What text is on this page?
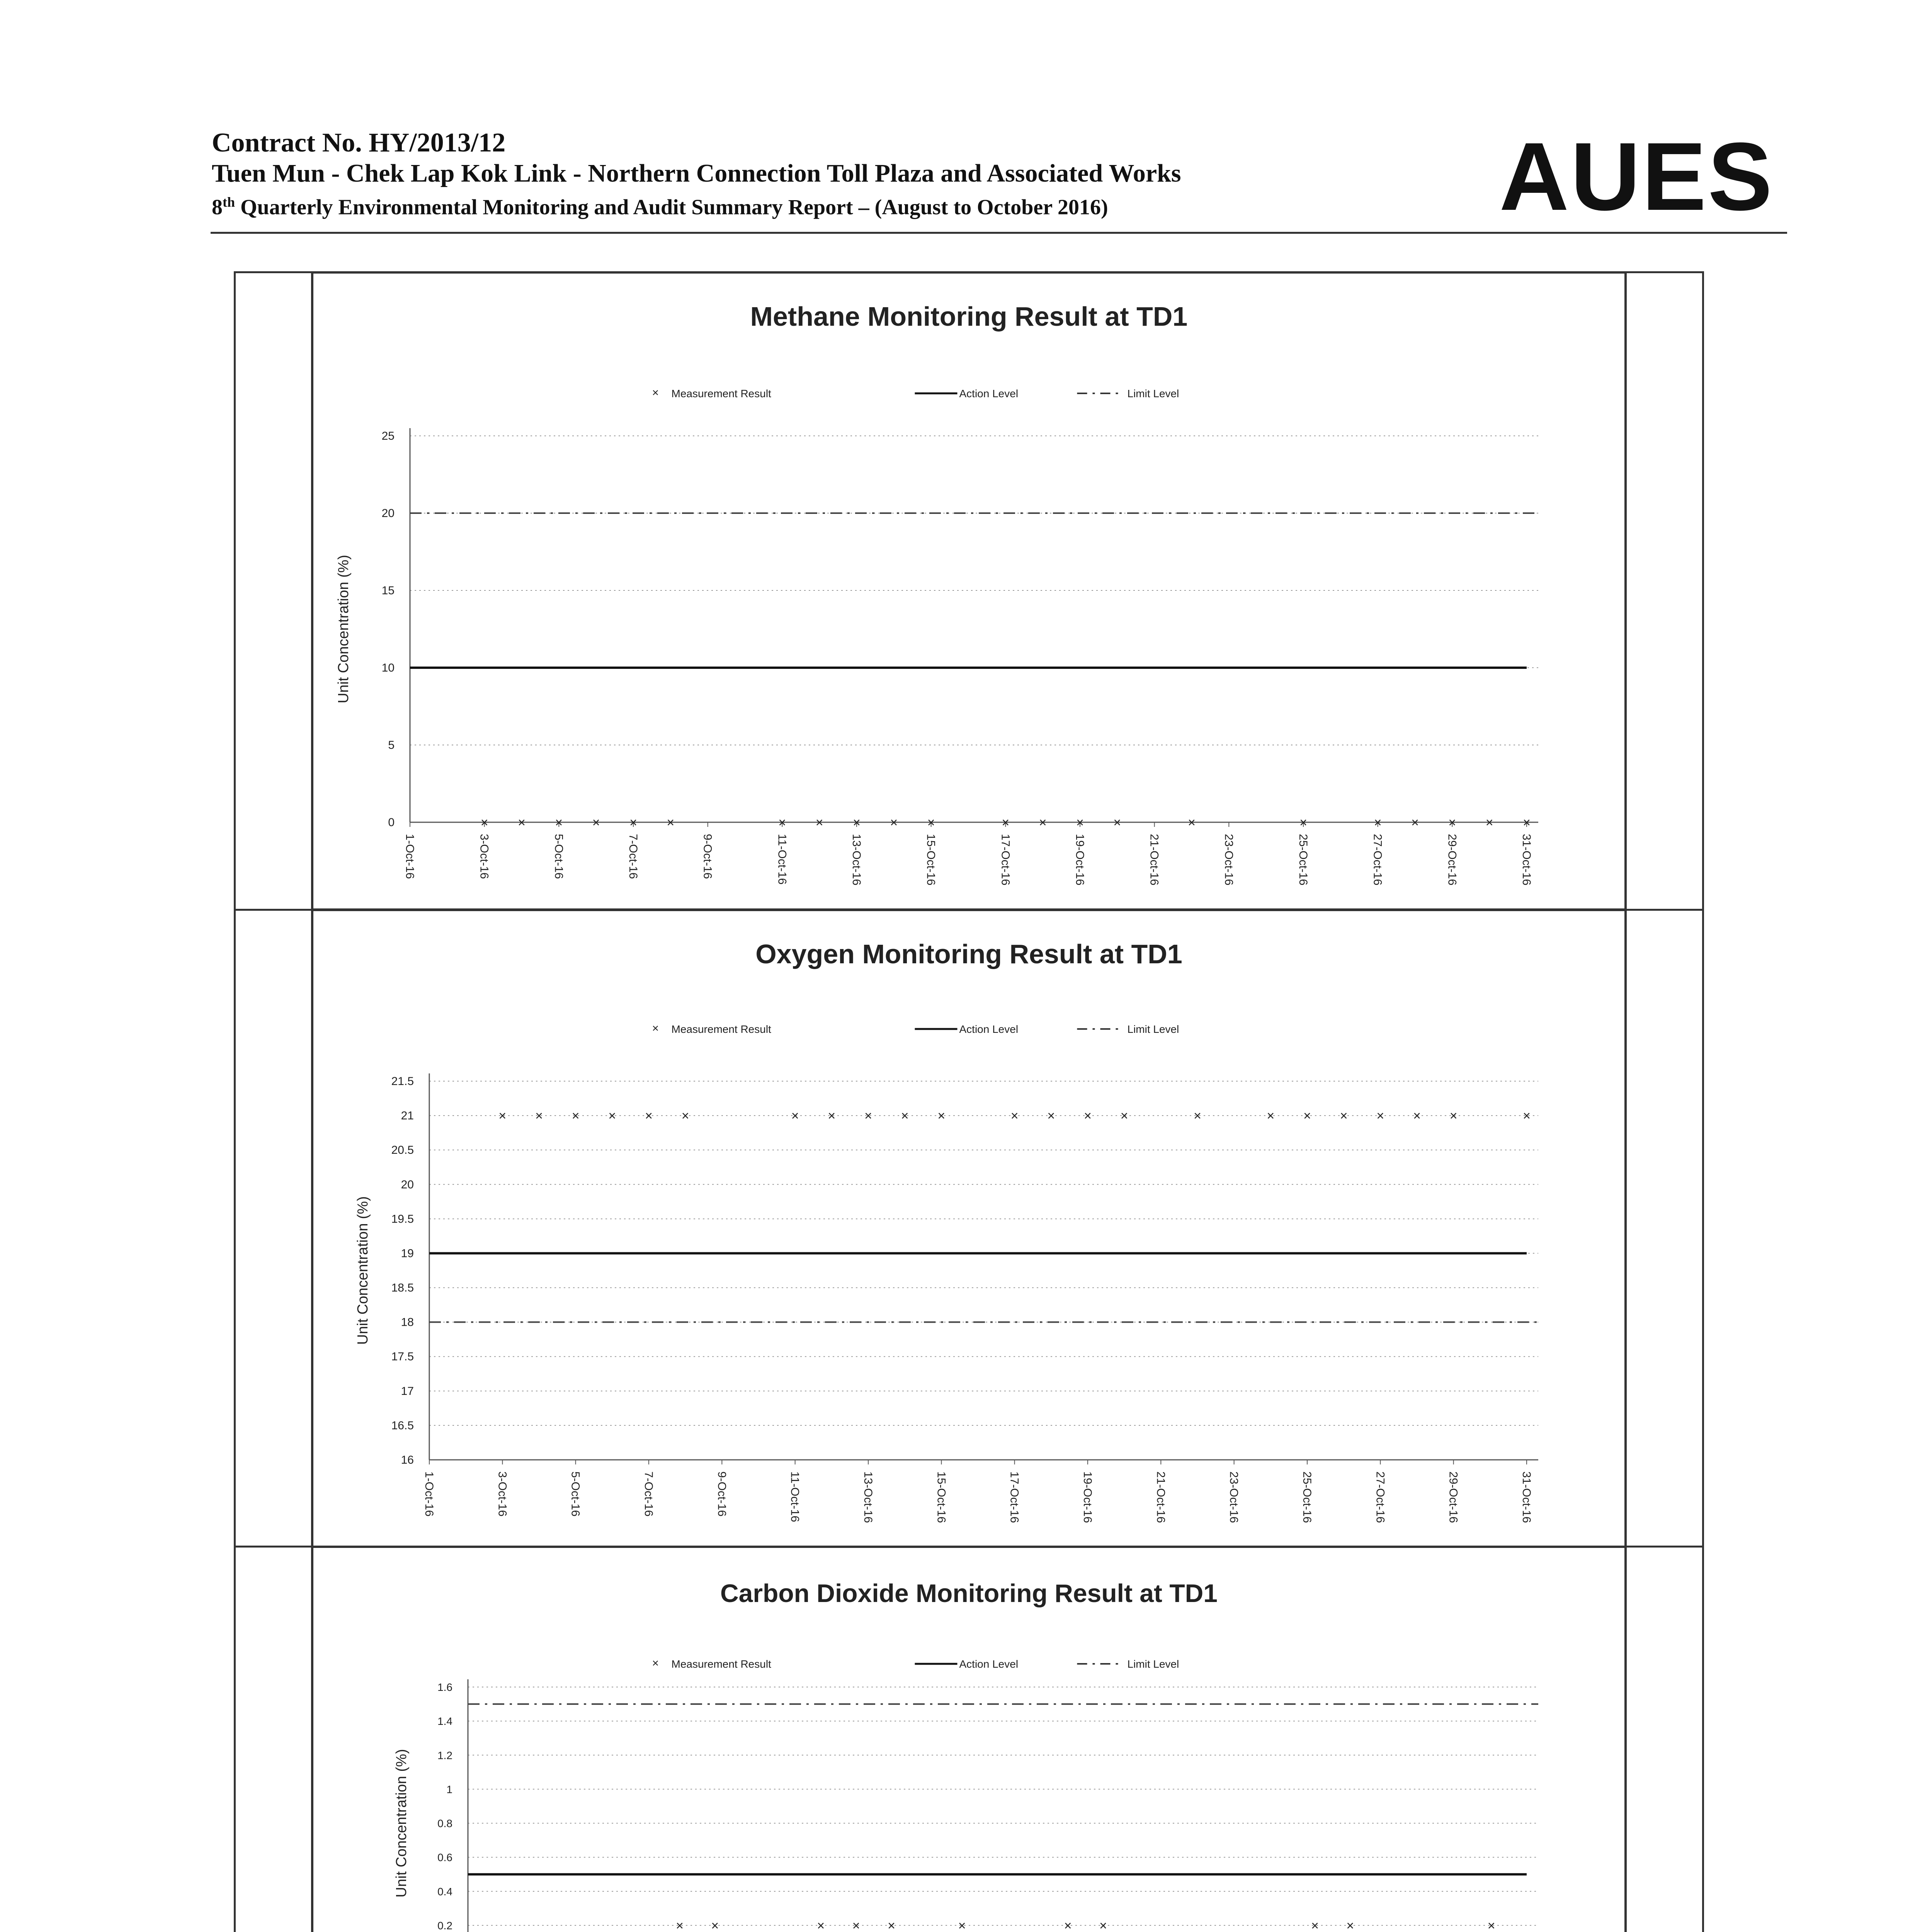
Contract No. HY/2013/12
Tuen Mun - Chek Lap Kok Link - Northern Connection Toll Plaza and Associated Works
8th Quarterly Environmental Monitoring and Audit Summary Report – (August to October 2016)	AUES
Methane Monitoring Result at TD1
× Measurement Result	Action Level	Limit Level
Unit Concentration (%)
0
5
10
15
20
25
1-Oct-16	3-Oct-16	5-Oct-16	7-Oct-16	9-Oct-16	11-Oct-16	13-Oct-16	15-Oct-16	17-Oct-16	19-Oct-16	21-Oct-16	23-Oct-16	25-Oct-16	27-Oct-16	29-Oct-16	31-Oct-16
× × × × × ×	× × × × ×	× × × ×	×	×	× × × × ×
Oxygen Monitoring Result at TD1
× Measurement Result	Action Level	Limit Level
Unit Concentration (%)
16
16.5
17
17.5
18
18.5
19
19.5
20
20.5
21
21.5
1-Oct-16	3-Oct-16	5-Oct-16	7-Oct-16	9-Oct-16	11-Oct-16	13-Oct-16	15-Oct-16	17-Oct-16	19-Oct-16	21-Oct-16	23-Oct-16	25-Oct-16	27-Oct-16	29-Oct-16	31-Oct-16
× × × × × ×	× × × × ×	× × × ×	×	× × × × × ×	×
Carbon Dioxide Monitoring Result at TD1
× Measurement Result	Action Level	Limit Level
Unit Concentration (%)
0.2
0.4
0.6
0.8
1
1.2
1.4
1.6
× ×	× × ×	×	× ×	× ×	×
